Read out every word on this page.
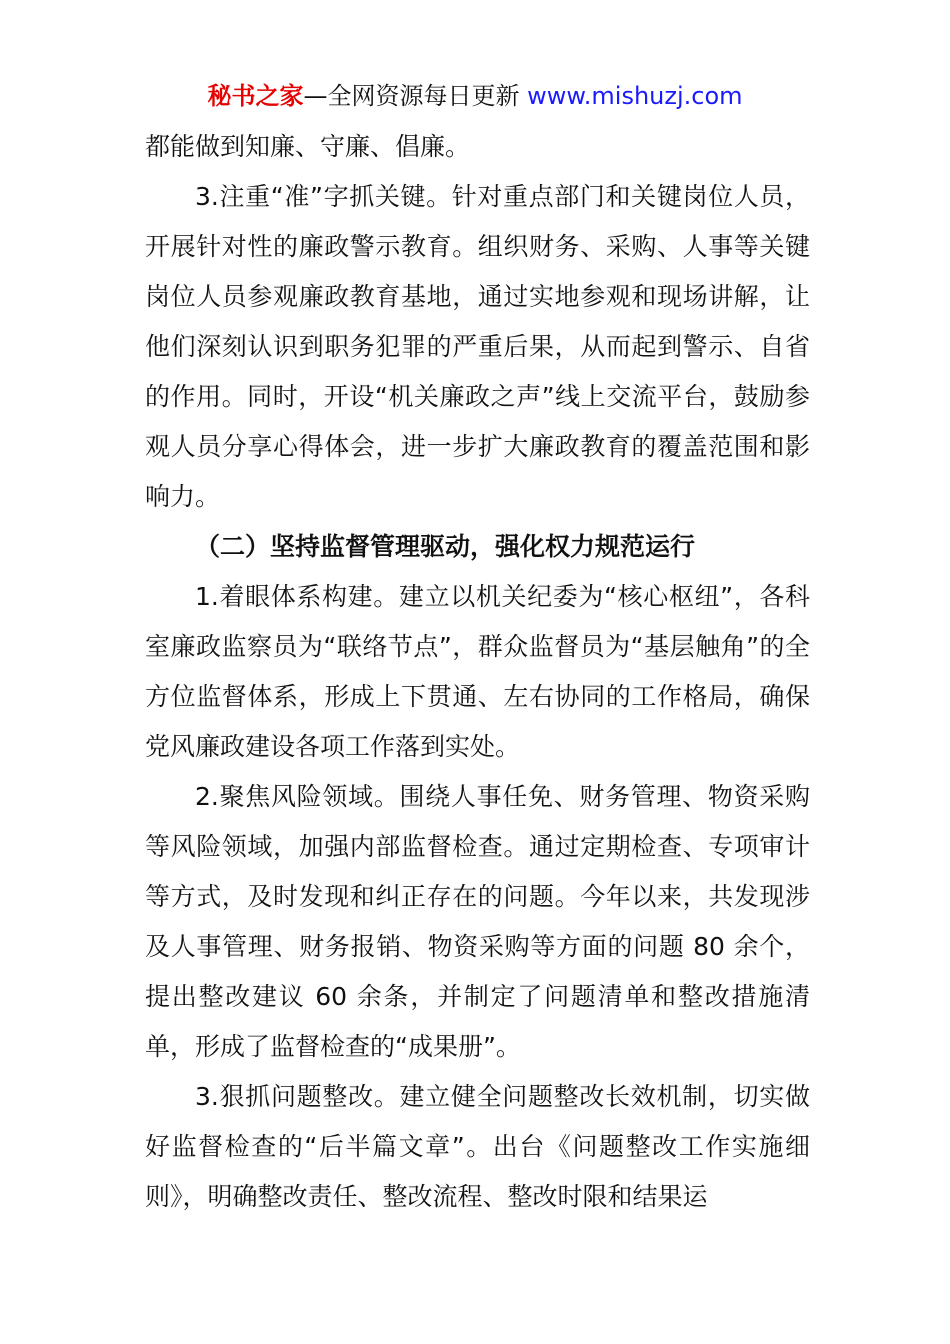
秘书之家—全网资源每日更新 www.mishuzj.com

都能做到知廉、守廉、倡廉。

3.注重“准”字抓关键。针对重点部门和关键岗位人员，开展针对性的廉政警示教育。组织财务、采购、人事等关键岗位人员参观廉政教育基地，通过实地参观和现场讲解，让他们深刻认识到职务犯罪的严重后果，从而起到警示、自省的作用。同时，开设“机关廉政之声”线上交流平台，鼓励参观人员分享心得体会，进一步扩大廉政教育的覆盖范围和影响力。

（二）坚持监督管理驱动，强化权力规范运行

1.着眼体系构建。建立以机关纪委为“核心枢纽”，各科室廉政监察员为“联络节点”，群众监督员为“基层触角”的全方位监督体系，形成上下贯通、左右协同的工作格局，确保党风廉政建设各项工作落到实处。

2.聚焦风险领域。围绕人事任免、财务管理、物资采购等风险领域，加强内部监督检查。通过定期检查、专项审计等方式，及时发现和纠正存在的问题。今年以来，共发现涉及人事管理、财务报销、物资采购等方面的问题 80 余个，提出整改建议 60 余条，并制定了问题清单和整改措施清单，形成了监督检查的“成果册”。

3.狠抓问题整改。建立健全问题整改长效机制，切实做好监督检查的“后半篇文章”。出台《问题整改工作实施细则》，明确整改责任、整改流程、整改时限和结果运
